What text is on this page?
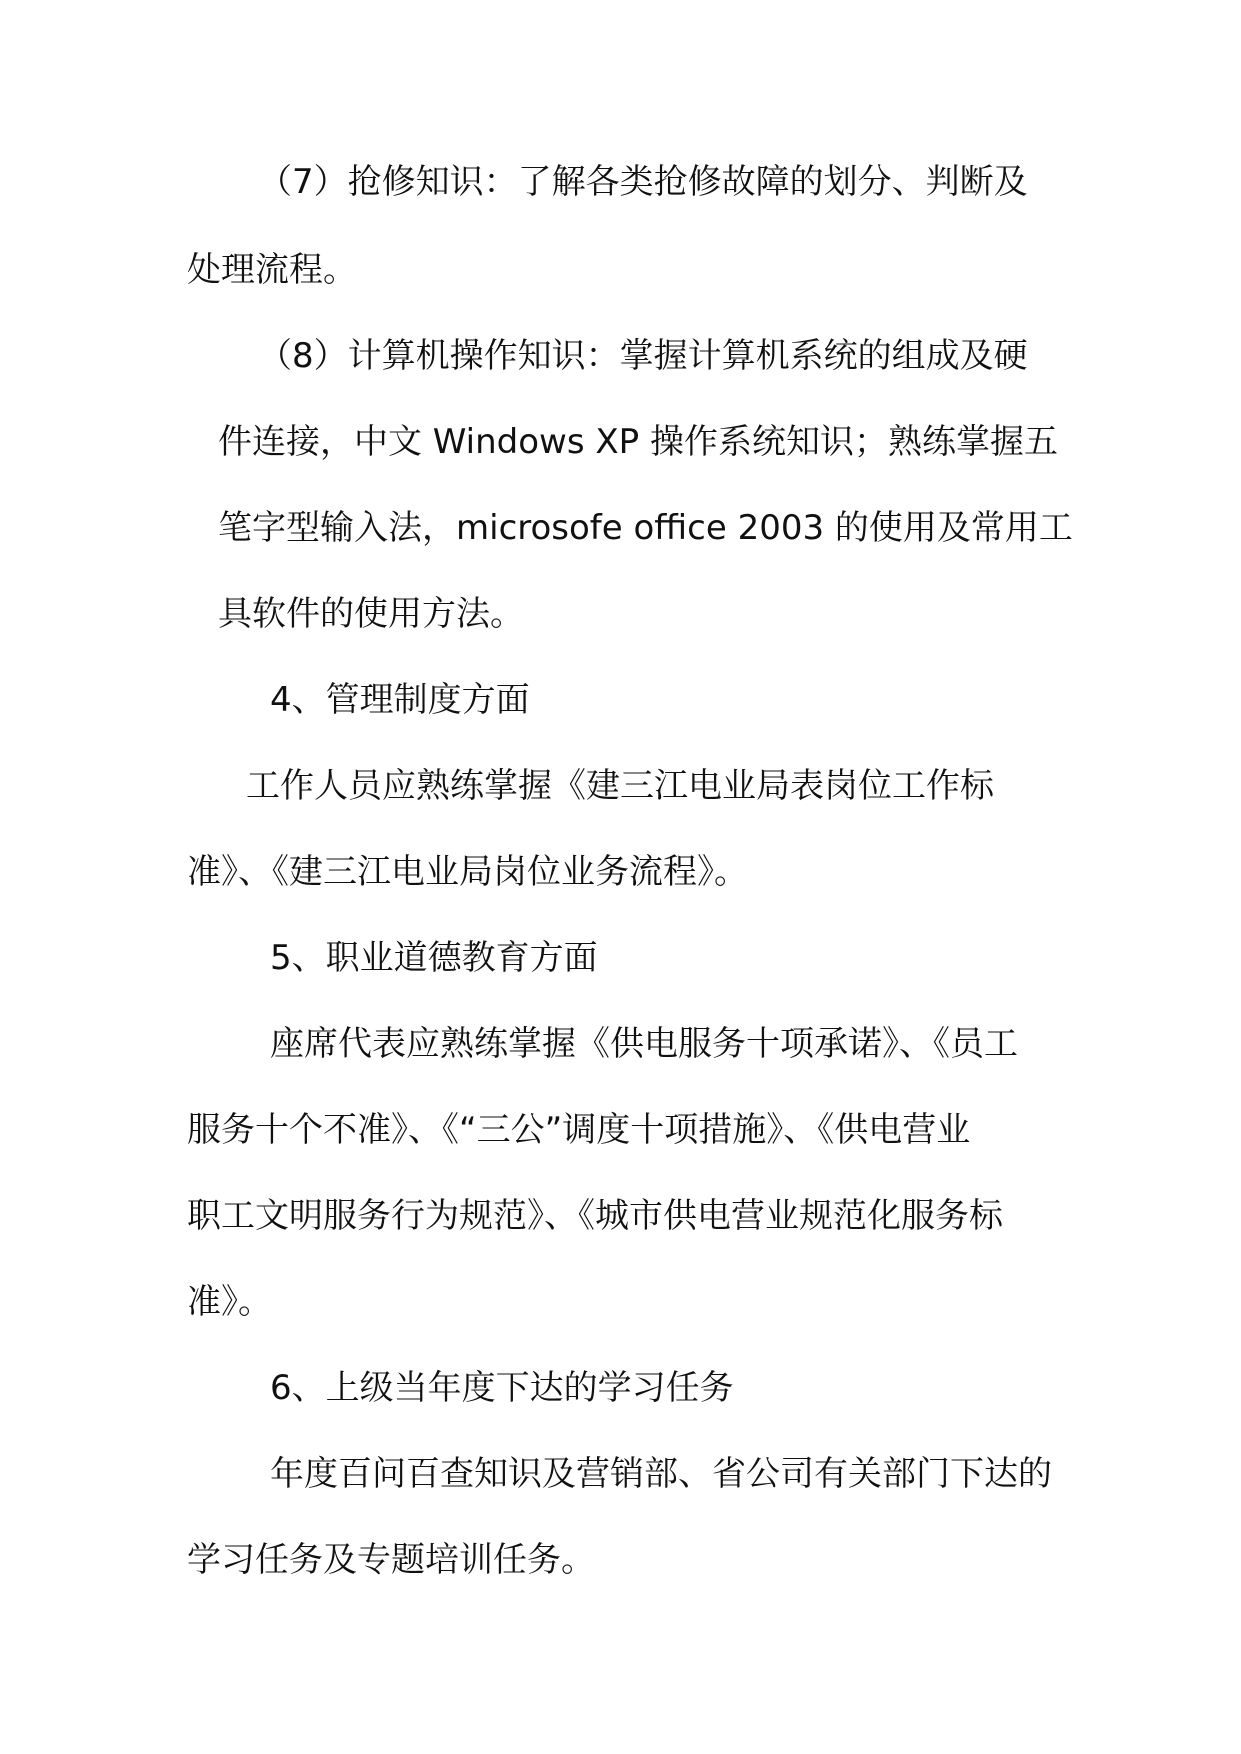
（7）抢修知识：了解各类抢修故障的划分、判断及
处理流程。
（8）计算机操作知识：掌握计算机系统的组成及硬
件连接，中文 Windows XP 操作系统知识；熟练掌握五
笔字型输入法，microsofe office 2003 的使用及常用工
具软件的使用方法。
4、管理制度方面
工作人员应熟练掌握《建三江电业局表岗位工作标
准》、《建三江电业局岗位业务流程》。
5、职业道德教育方面
座席代表应熟练掌握《供电服务十项承诺》、《员工
服务十个不准》、《“三公”调度十项措施》、《供电营业
职工文明服务行为规范》、《城市供电营业规范化服务标
准》。
6、上级当年度下达的学习任务
年度百问百查知识及营销部、省公司有关部门下达的
学习任务及专题培训任务。
